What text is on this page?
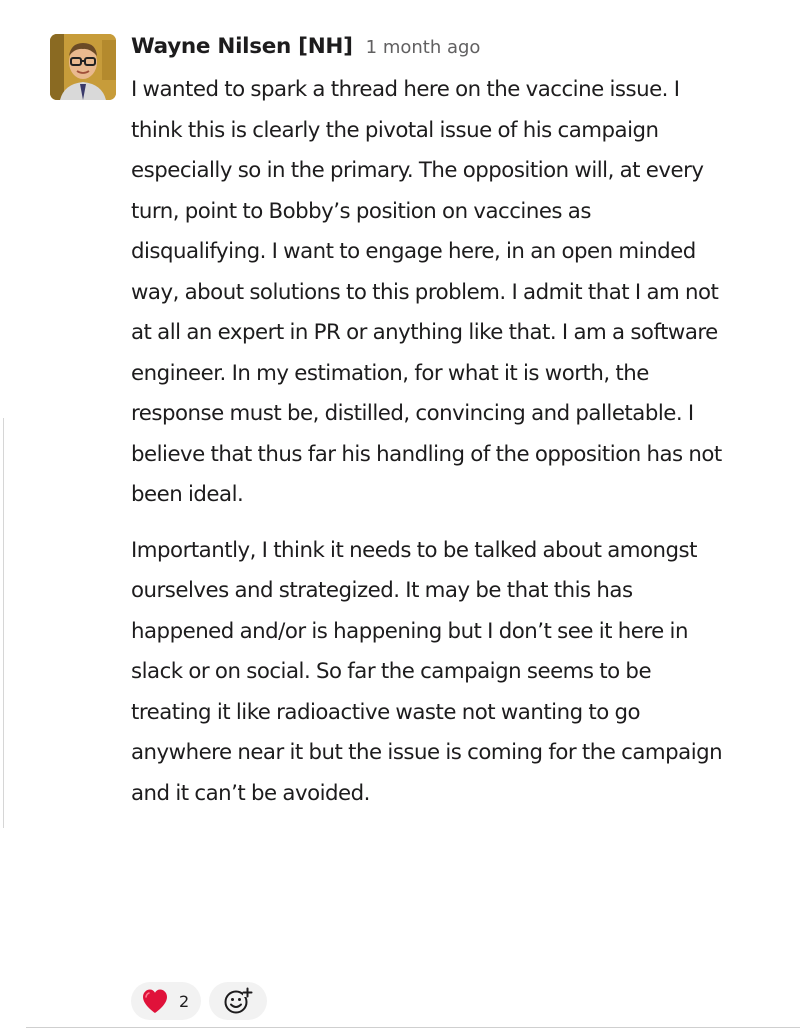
Wayne Nilsen [NH] 1 month ago

I wanted to spark a thread here on the vaccine issue. I think this is clearly the pivotal issue of his campaign especially so in the primary. The opposition will, at every turn, point to Bobby’s position on vaccines as disqualifying. I want to engage here, in an open minded way, about solutions to this problem. I admit that I am not at all an expert in PR or anything like that. I am a software engineer. In my estimation, for what it is worth, the response must be, distilled, convincing and palletable. I believe that thus far his handling of the opposition has not been ideal.

Importantly, I think it needs to be talked about amongst ourselves and strategized. It may be that this has happened and/or is happening but I don’t see it here in slack or on social. So far the campaign seems to be treating it like radioactive waste not wanting to go anywhere near it but the issue is coming for the campaign and it can’t be avoided.

2
